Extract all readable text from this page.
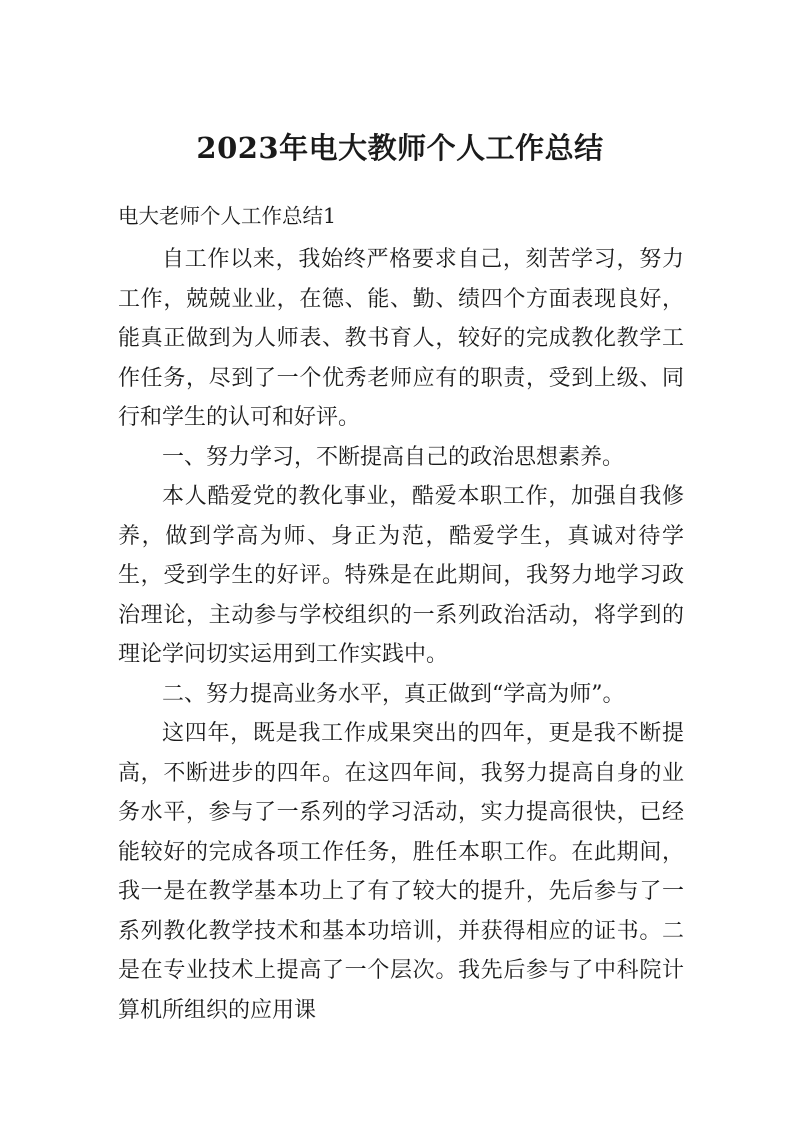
2023年电大教师个人工作总结
电大老师个人工作总结1

自工作以来，我始终严格要求自己，刻苦学习，努力工作，兢兢业业，在德、能、勤、绩四个方面表现良好，能真正做到为人师表、教书育人，较好的完成教化教学工作任务，尽到了一个优秀老师应有的职责，受到上级、同行和学生的认可和好评。

一、努力学习，不断提高自己的政治思想素养。

本人酷爱党的教化事业，酷爱本职工作，加强自我修养，做到学高为师、身正为范，酷爱学生，真诚对待学生，受到学生的好评。特殊是在此期间，我努力地学习政治理论，主动参与学校组织的一系列政治活动，将学到的理论学问切实运用到工作实践中。

二、努力提高业务水平，真正做到“学高为师”。

这四年，既是我工作成果突出的四年，更是我不断提高，不断进步的四年。在这四年间，我努力提高自身的业务水平，参与了一系列的学习活动，实力提高很快，已经能较好的完成各项工作任务，胜任本职工作。在此期间，我一是在教学基本功上了有了较大的提升，先后参与了一系列教化教学技术和基本功培训，并获得相应的证书。二是在专业技术上提高了一个层次。我先后参与了中科院计算机所组织的应用课
